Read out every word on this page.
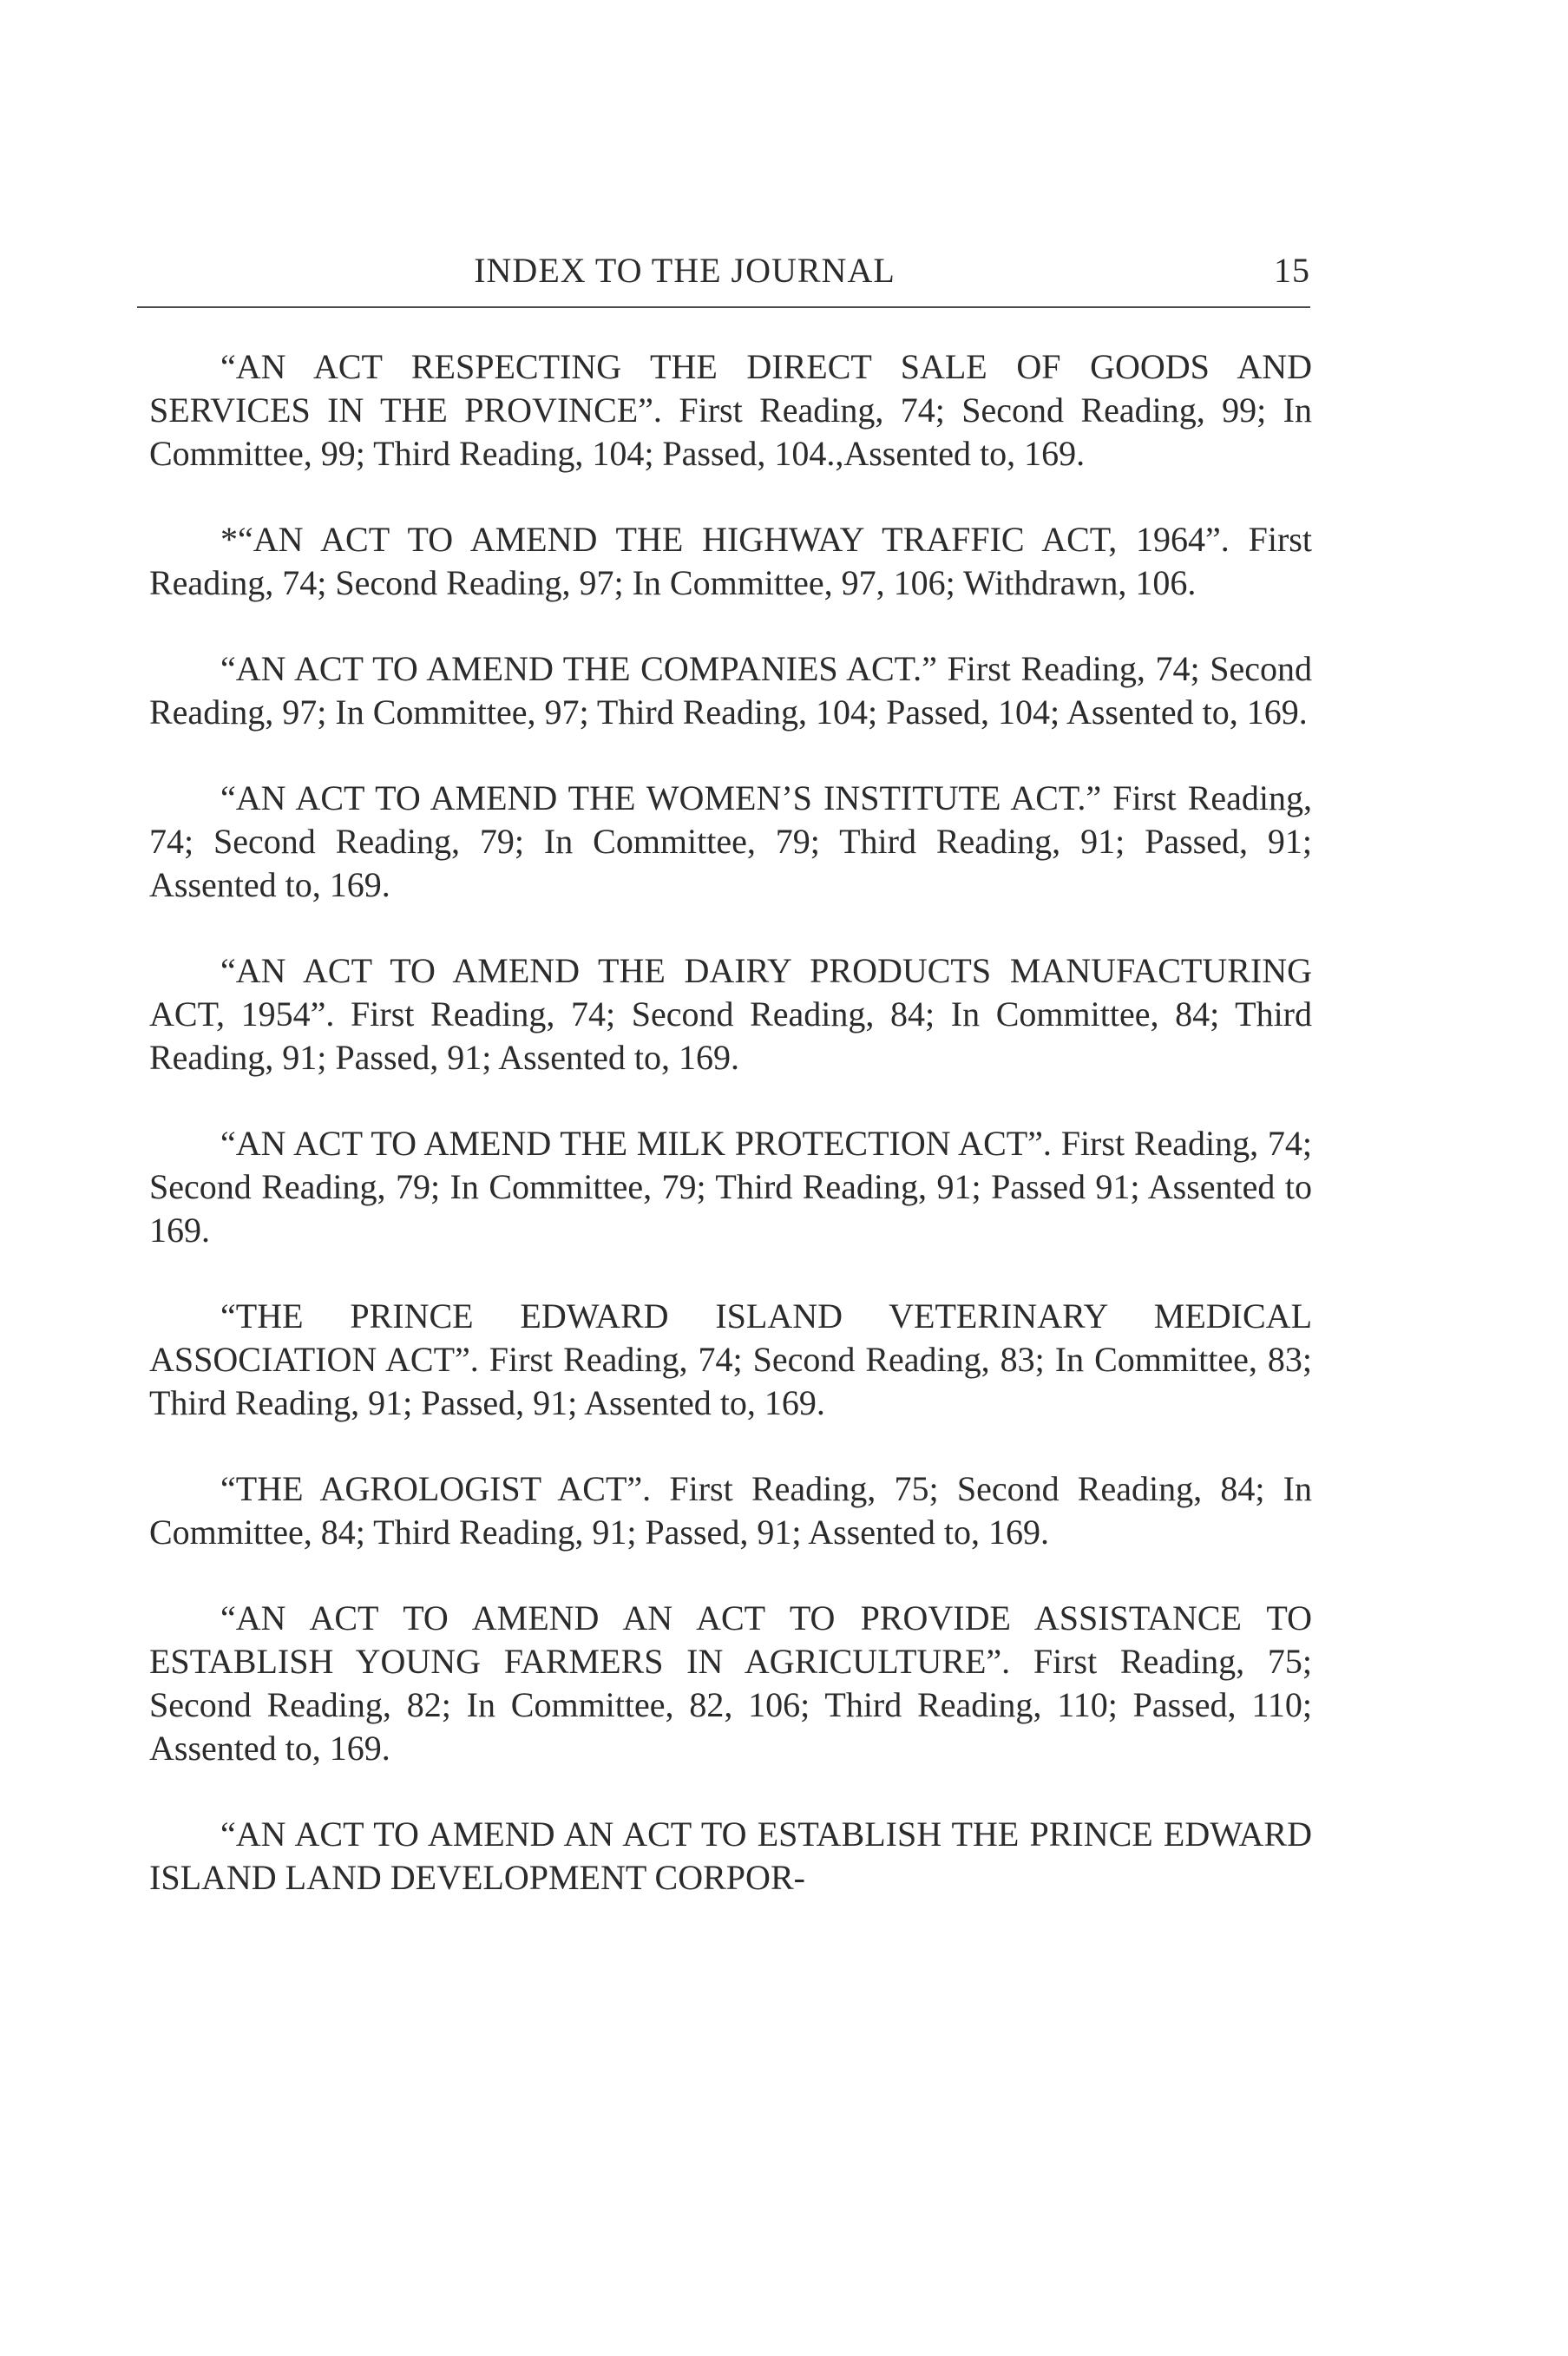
INDEX TO THE JOURNAL	15

“AN ACT RESPECTING THE DIRECT SALE OF GOODS AND SERVICES IN THE PROVINCE”. First Reading, 74; Second Reading, 99; In Committee, 99; Third Reading, 104; Passed, 104.,Assented to, 169.

*“AN ACT TO AMEND THE HIGHWAY TRAFFIC ACT, 1964”. First Reading, 74; Second Reading, 97; In Committee, 97, 106; Withdrawn, 106.

“AN ACT TO AMEND THE COMPANIES ACT.” First Reading, 74; Second Reading, 97; In Committee, 97; Third Reading, 104; Passed, 104; Assented to, 169.

“AN ACT TO AMEND THE WOMEN’S INSTITUTE ACT.” First Reading, 74; Second Reading, 79; In Committee, 79; Third Reading, 91; Passed, 91; Assented to, 169.

“AN ACT TO AMEND THE DAIRY PRODUCTS MANUFACTURING ACT, 1954”. First Reading, 74; Second Reading, 84; In Committee, 84; Third Reading, 91; Passed, 91; Assented to, 169.

“AN ACT TO AMEND THE MILK PROTECTION ACT”. First Reading, 74; Second Reading, 79; In Committee, 79; Third Reading, 91; Passed 91; Assented to 169.

“THE PRINCE EDWARD ISLAND VETERINARY MEDICAL ASSOCIATION ACT”. First Reading, 74; Second Reading, 83; In Committee, 83; Third Reading, 91; Passed, 91; Assented to, 169.

“THE AGROLOGIST ACT”. First Reading, 75; Second Reading, 84; In Committee, 84; Third Reading, 91; Passed, 91; Assented to, 169.

“AN ACT TO AMEND AN ACT TO PROVIDE ASSISTANCE TO ESTABLISH YOUNG FARMERS IN AGRICULTURE”. First Reading, 75; Second Reading, 82; In Committee, 82, 106; Third Reading, 110; Passed, 110; Assented to, 169.

“AN ACT TO AMEND AN ACT TO ESTABLISH THE PRINCE EDWARD ISLAND LAND DEVELOPMENT CORPOR-
